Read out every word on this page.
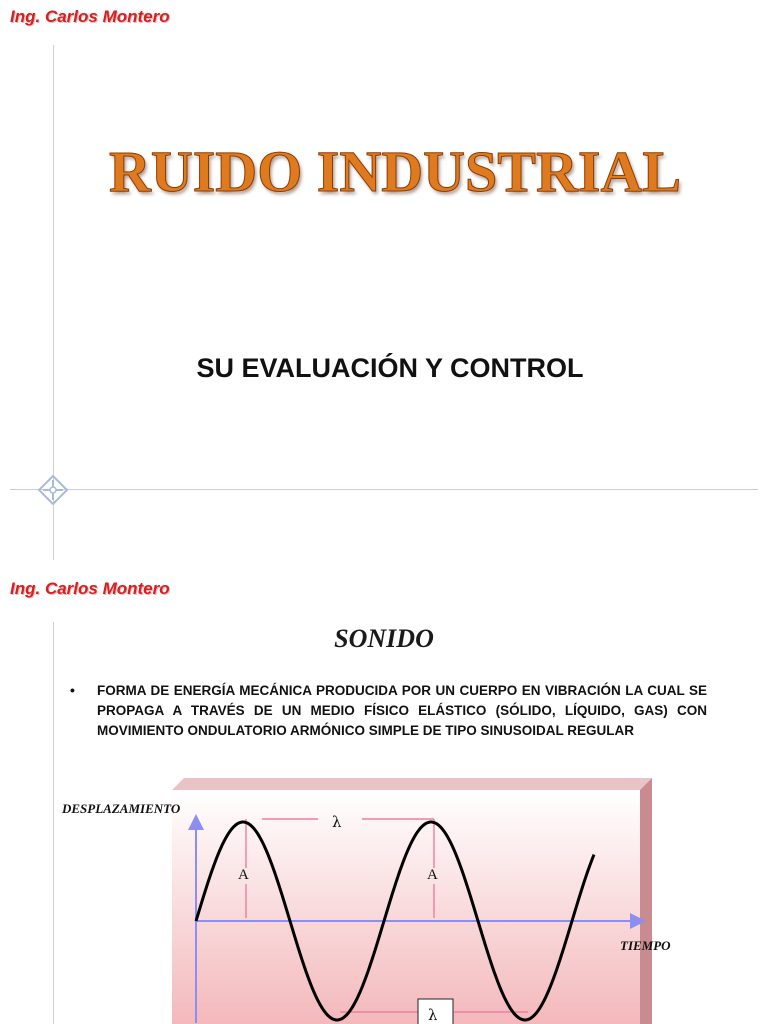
Ing. Carlos Montero
RUIDO INDUSTRIAL
SU EVALUACIÓN Y CONTROL
Ing. Carlos Montero
SONIDO
• FORMA DE ENERGÍA MECÁNICA PRODUCIDA POR UN CUERPO EN VIBRACIÓN LA CUAL SE PROPAGA A TRAVÉS DE UN MEDIO FÍSICO ELÁSTICO (SÓLIDO, LÍQUIDO, GAS) CON MOVIMIENTO ONDULATORIO ARMÓNICO SIMPLE DE TIPO SINUSOIDAL REGULAR
DESPLAZAMIENTO
TIEMPO
A	A
λ
λ
